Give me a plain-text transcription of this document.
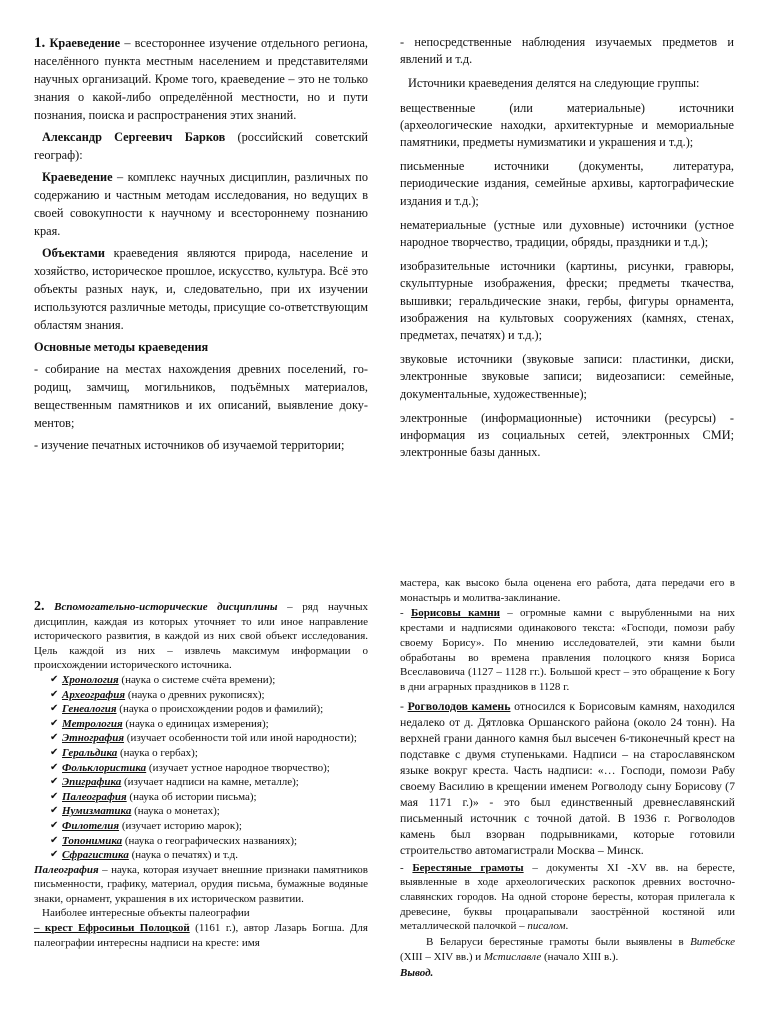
1. Краеведение – всестороннее изучение отдельного региона, населённого пункта местным населением и представителями научных организаций. Кроме того, краеведение – это не только знания о какой-либо определённой местности, но и пути познания, поиска и распространения этих знаний.

Александр Сергеевич Барков (российский советский географ):

Краеведение – комплекс научных дисциплин, различных по содержанию и частным методам исследования, но ведущих в своей совокупности к научному и всестороннему познанию края.

Объектами краеведения являются природа, население и хозяйство, историческое прошлое, искусство, культура. Всё это объекты разных наук, и, следовательно, при их изучении используются различные методы, присущие со-ответствующим областям знания.

Основные методы краеведения

- собирание на местах нахождения древних поселений, го-родищ, замчищ, могильников, подъёмных материалов, вещественным памятников и их описаний, выявление доку-ментов;

- изучение печатных источников об изучаемой территории;

- непосредственные наблюдения изучаемых предметов и явлений и т.д.

Источники краеведения делятся на следующие группы:

вещественные (или материальные) источники (археологические находки, архитектурные и мемориальные памятники, предметы нумизматики и украшения и т.д.);

письменные источники (документы, литература, периодические издания, семейные архивы, картографические издания и т.д.);

нематериальные (устные или духовные) источники (устное народное творчество, традиции, обряды, праздники и т.д.);

изобразительные источники (картины, рисунки, гравюры, скульптурные изображения, фрески; предметы ткачества, вышивки; геральдические знаки, гербы, фигуры орнамента, изображения на культовых сооружениях (камнях, стенах, предметах, печатях) и т.д.);

звуковые источники (звуковые записи: пластинки, диски, электронные звуковые записи; видеозаписи: семейные, документальные, художественные);

электронные (информационные) источники (ресурсы) - информация из социальных сетей, электронных СМИ; электронные базы данных.

2. Вспомогательно-исторические дисциплины – ряд научных дисциплин, каждая из которых уточняет то или иное направление исторического развития, в каждой из них свой объект исследования. Цель каждой из них – извлечь максимум информации о происхождении исторического источника.

✔ Хронология (наука о системе счёта времени);
✔ Археография (наука о древних рукописях);
✔ Генеалогия (наука о происхождении родов и фамилий);
✔ Метрология (наука о единицах измерения);
✔ Этнография (изучает особенности той или иной народности);
✔ Геральдика (наука о гербах);
✔ Фольклористика (изучает устное народное творчество);
✔ Эпиграфика (изучает надписи на камне, металле);
✔ Палеография (наука об истории письма);
✔ Нумизматика (наука о монетах);
✔ Филотелия (изучает историю марок);
✔ Топонимика (наука о географических названиях);
✔ Сфрагистика (наука о печатях) и т.д.

Палеография – наука, которая изучает внешние признаки памятников письменности, графику, материал, орудия письма, бумажные водяные знаки, орнамент, украшения в их историческом развитии.

Наиболее интересные объекты палеографии

– крест Ефросиньи Полоцкой (1161 г.), автор Лазарь Богша. Для палеографии интересны надписи на кресте: имя

мастера, как высоко была оценена его работа, дата передачи его в монастырь и молитва-заклинание.

- Борисовы камни – огромные камни с вырубленными на них крестами и надписями одинакового текста: «Господи, помози рабу своему Борису». По мнению исследователей, эти камни были обработаны во времена правления полоцкого князя Бориса Всеславовича (1127 – 1128 гг.). Большой крест – это обращение к Богу в дни аграрных праздников в 1128 г.

- Рогволодов камень относился к Борисовым камням, находился недалеко от д. Дятловка Оршанского района (около 24 тонн). На верхней грани данного камня был высечен 6-тиконечный крест на подставке с двумя ступеньками. Надписи – на старославянском языке вокруг креста. Часть надписи: «… Господи, помози Рабу своему Василию в крещении именем Рогволоду сыну Борисову (7 мая 1171 г.)» - это был единственный древнеславянский письменный источник с точной датой. В 1936 г. Рогволодов камень был взорван подрывниками, которые готовили строительство автомагистрали Москва – Минск.

- Берестяные грамоты – документы XI -XV вв. на бересте, выявленные в ходе археологических раскопок древних восточно-славянских городов. На одной стороне бересты, которая прилегала к древесине, буквы процарапывали заострённой костяной или металлической палочкой – писалом.

В Беларуси берестяные грамоты были выявлены в Витебске (XIII – XIV вв.) и Мстиславле (начало XIII в.).

Вывод.
